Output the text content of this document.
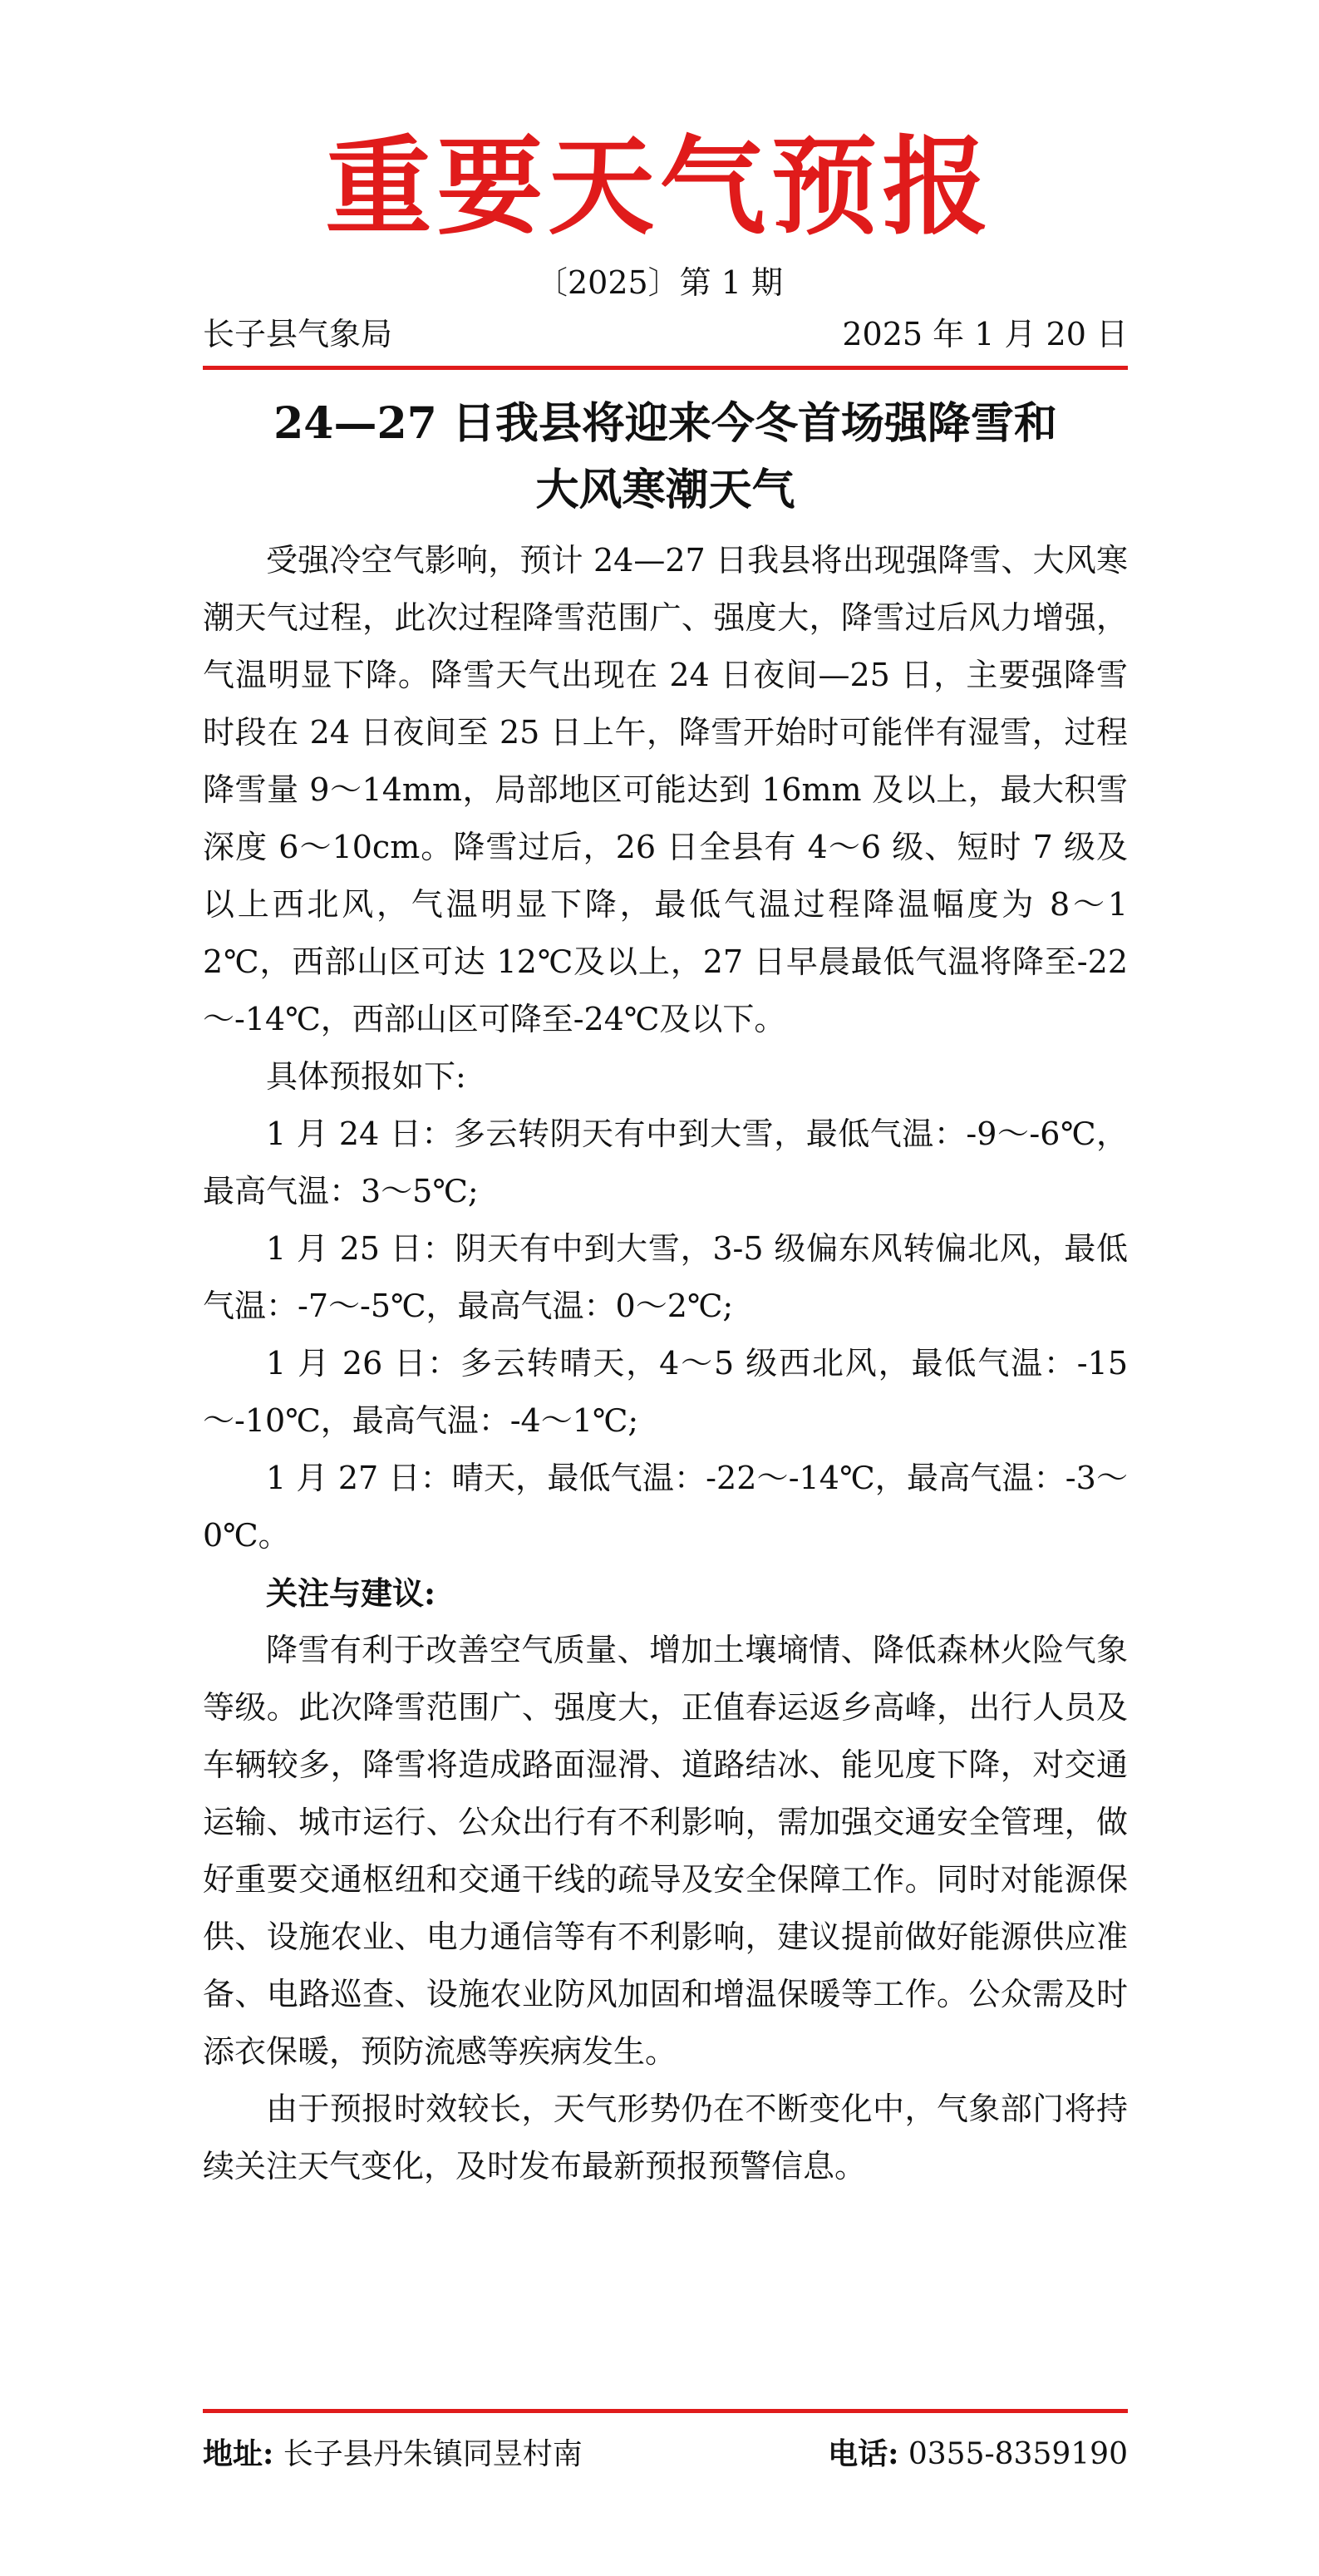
重要天气预报
〔2025〕第 1 期
长子县气象局	2025 年 1 月 20 日
24—27 日我县将迎来今冬首场强降雪和
大风寒潮天气

受强冷空气影响，预计 24—27 日我县将出现强降雪、大风寒潮天气过程，此次过程降雪范围广、强度大，降雪过后风力增强，气温明显下降。降雪天气出现在 24 日夜间—25 日，主要强降雪时段在 24 日夜间至 25 日上午，降雪开始时可能伴有湿雪，过程降雪量 9～14mm，局部地区可能达到 16mm 及以上，最大积雪深度 6～10cm。降雪过后，26 日全县有 4～6 级、短时 7 级及以上西北风，气温明显下降，最低气温过程降温幅度为 8～12℃，西部山区可达 12℃及以上，27 日早晨最低气温将降至-22～-14℃，西部山区可降至-24℃及以下。

具体预报如下:

1 月 24 日：多云转阴天有中到大雪，最低气温：-9～-6℃，最高气温：3～5℃;

1 月 25 日：阴天有中到大雪，3-5 级偏东风转偏北风，最低气温：-7～-5℃，最高气温：0～2℃;

1 月 26 日：多云转晴天，4～5 级西北风，最低气温：-15～-10℃，最高气温：-4～1℃;

1 月 27 日：晴天，最低气温：-22～-14℃，最高气温：-3～0℃。

关注与建议:

降雪有利于改善空气质量、增加土壤墒情、降低森林火险气象等级。此次降雪范围广、强度大，正值春运返乡高峰，出行人员及车辆较多，降雪将造成路面湿滑、道路结冰、能见度下降，对交通运输、城市运行、公众出行有不利影响，需加强交通安全管理，做好重要交通枢纽和交通干线的疏导及安全保障工作。同时对能源保供、设施农业、电力通信等有不利影响，建议提前做好能源供应准备、电路巡查、设施农业防风加固和增温保暖等工作。公众需及时添衣保暖，预防流感等疾病发生。

由于预报时效较长，天气形势仍在不断变化中，气象部门将持续关注天气变化，及时发布最新预报预警信息。

地址: 长子县丹朱镇同昱村南	电话: 0355-8359190
